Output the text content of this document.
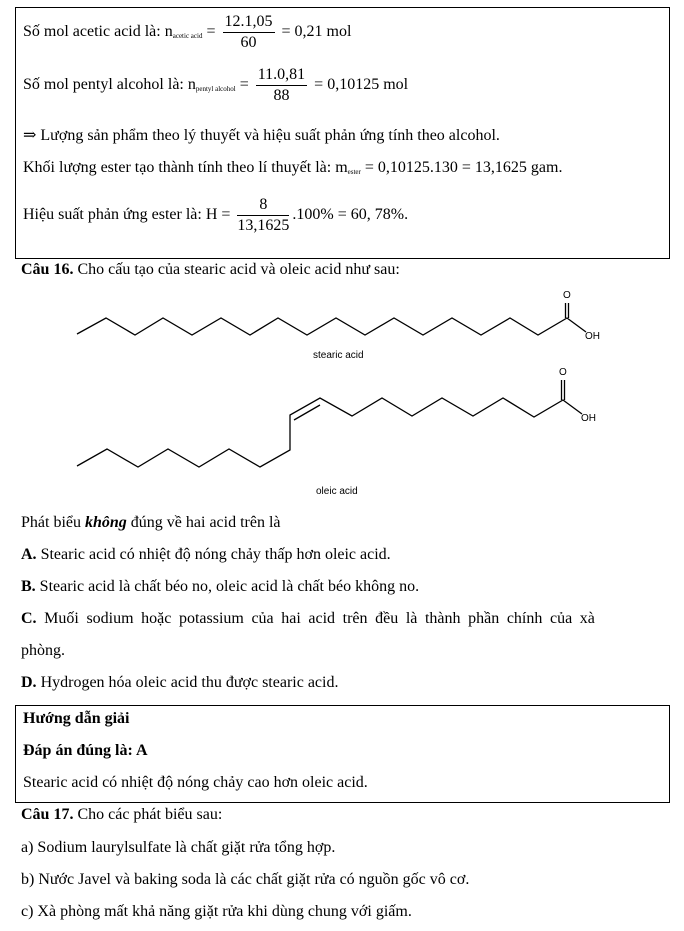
Số mol acetic acid là: $n_{acetic acid} = \frac{12.1,05}{60} = 0,21$ mol
Số mol pentyl alcohol là: $n_{pentyl alcohol} = \frac{11.0,81}{88} = 0,10125$ mol
⇒ Lượng sản phẩm theo lý thuyết và hiệu suất phản ứng tính theo alcohol.
Khối lượng ester tạo thành tính theo lí thuyết là: $m_{ester} = 0,10125.130 = 13,1625$ gam.
Hiệu suất phản ứng ester là: $H = \frac{8}{13,1625} .100\% = 60$, 78%.
Câu 16. Cho cấu tạo của stearic acid và oleic acid như sau:
O
OH
stearic acid
O
OH
oleic acid
Phát biểu không đúng về hai acid trên là
A. Stearic acid có nhiệt độ nóng chảy thấp hơn oleic acid.
B. Stearic acid là chất béo no, oleic acid là chất béo không no.
C. Muối sodium hoặc potassium của hai acid trên đều là thành phần chính của xà
phòng.
D. Hydrogen hóa oleic acid thu được stearic acid.
Hướng dẫn giải
Đáp án đúng là: A
Stearic acid có nhiệt độ nóng chảy cao hơn oleic acid.
Câu 17. Cho các phát biểu sau:
a) Sodium laurylsulfate là chất giặt rửa tổng hợp.
b) Nước Javel và baking soda là các chất giặt rửa có nguồn gốc vô cơ.
c) Xà phòng mất khả năng giặt rửa khi dùng chung với giấm.
